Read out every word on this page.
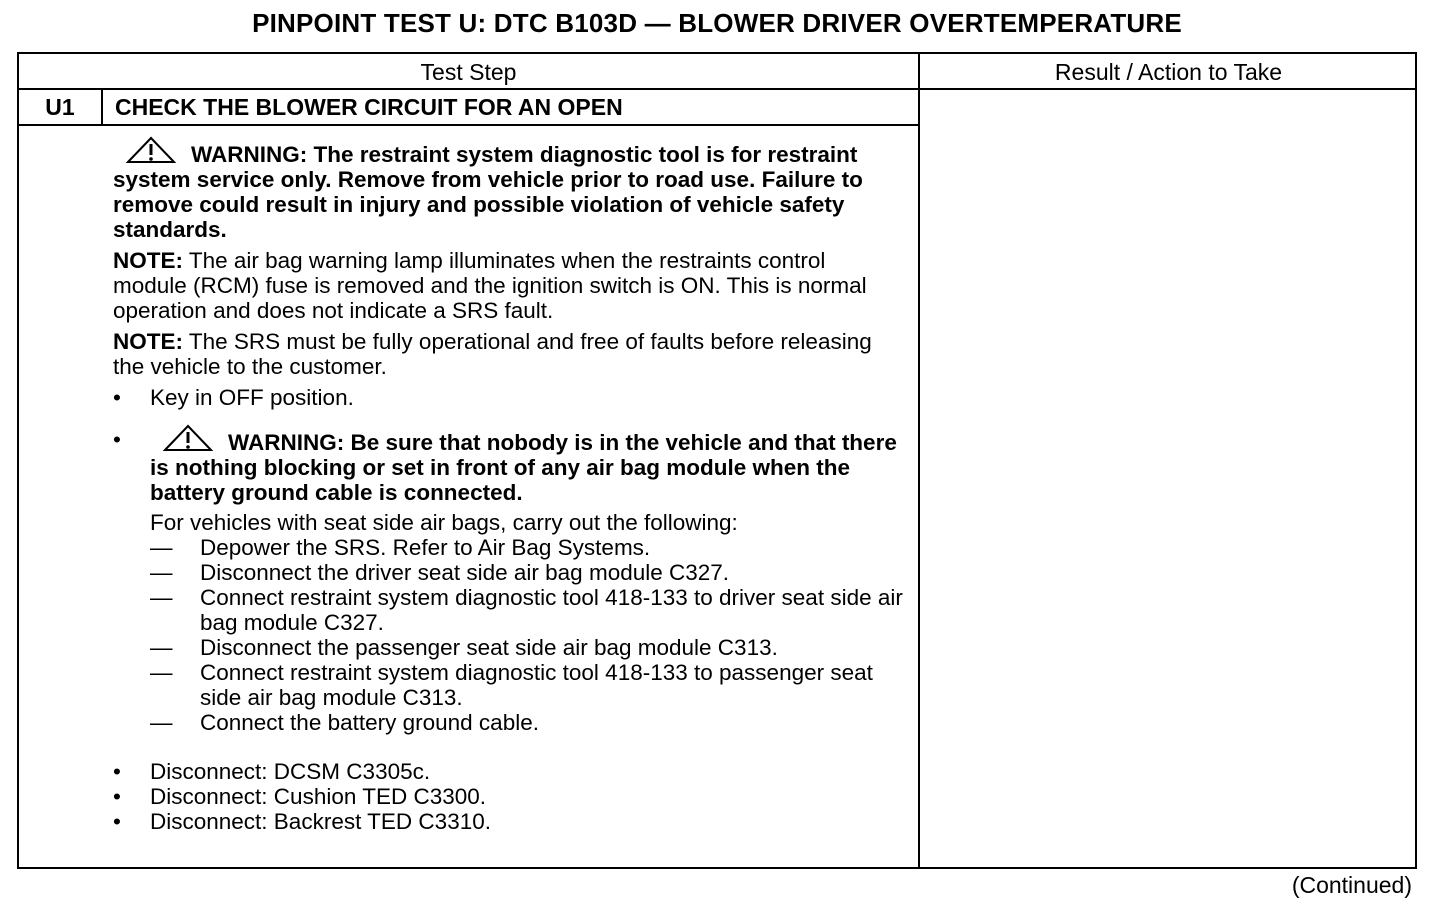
PINPOINT TEST U: DTC B103D — BLOWER DRIVER OVERTEMPERATURE
Test Step	Result / Action to Take
U1	CHECK THE BLOWER CIRCUIT FOR AN OPEN
WARNING: The restraint system diagnostic tool is for restraint system service only. Remove from vehicle prior to road use. Failure to remove could result in injury and possible violation of vehicle safety standards.
NOTE: The air bag warning lamp illuminates when the restraints control module (RCM) fuse is removed and the ignition switch is ON. This is normal operation and does not indicate a SRS fault.
NOTE: The SRS must be fully operational and free of faults before releasing the vehicle to the customer.
•	Key in OFF position.
•	WARNING: Be sure that nobody is in the vehicle and that there is nothing blocking or set in front of any air bag module when the battery ground cable is connected.
For vehicles with seat side air bags, carry out the following:
—	Depower the SRS. Refer to Air Bag Systems.
—	Disconnect the driver seat side air bag module C327.
—	Connect restraint system diagnostic tool 418-133 to driver seat side air bag module C327.
—	Disconnect the passenger seat side air bag module C313.
—	Connect restraint system diagnostic tool 418-133 to passenger seat side air bag module C313.
—	Connect the battery ground cable.
•	Disconnect: DCSM C3305c.
•	Disconnect: Cushion TED C3300.
•	Disconnect: Backrest TED C3310.
(Continued)
